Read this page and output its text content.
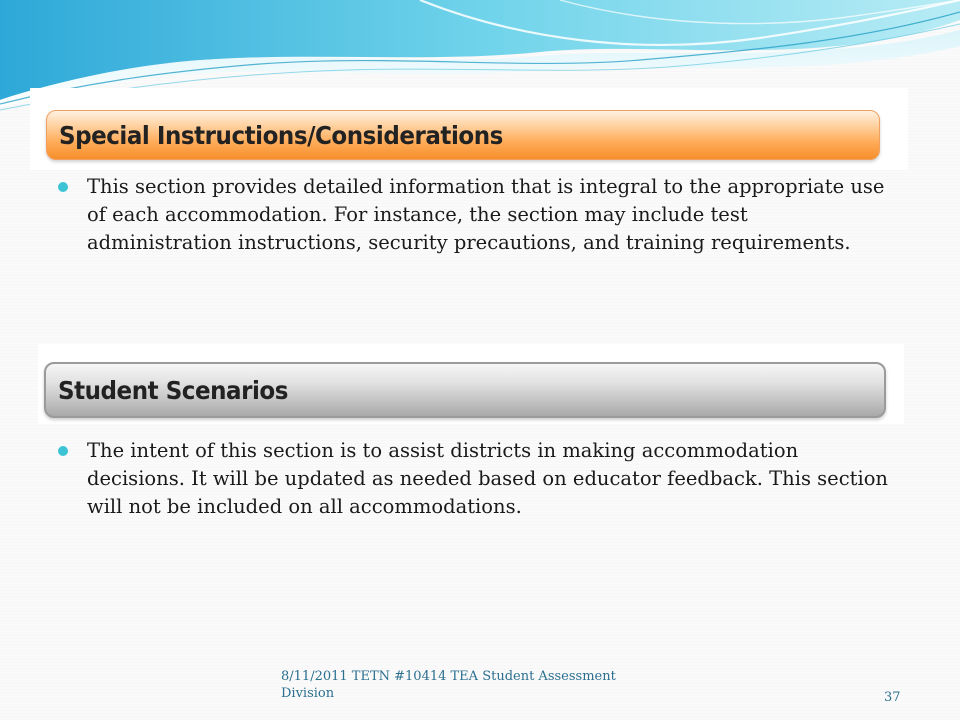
Special Instructions/Considerations
This section provides detailed information that is integral to the appropriate use of each accommodation. For instance, the section may include test administration instructions, security precautions, and training requirements.
Student Scenarios
The intent of this section is to assist districts in making accommodation decisions. It will be updated as needed based on educator feedback. This section will not be included on all accommodations.
8/11/2011 TETN #10414 TEA Student Assessment Division	37
